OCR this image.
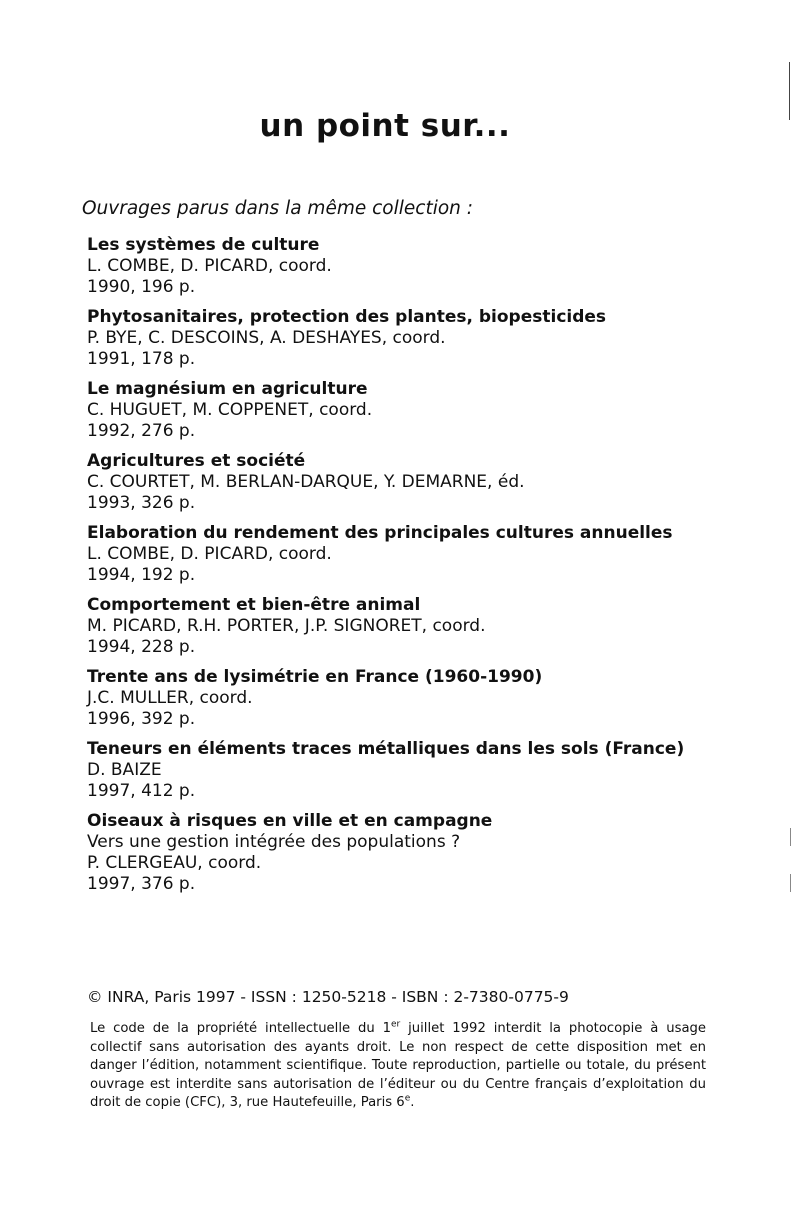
un point sur...

Ouvrages parus dans la même collection :

Les systèmes de culture
L. COMBE, D. PICARD, coord.
1990, 196 p.
Phytosanitaires, protection des plantes, biopesticides
P. BYE, C. DESCOINS, A. DESHAYES, coord.
1991, 178 p.
Le magnésium en agriculture
C. HUGUET, M. COPPENET, coord.
1992, 276 p.
Agricultures et société
C. COURTET, M. BERLAN-DARQUE, Y. DEMARNE, éd.
1993, 326 p.
Elaboration du rendement des principales cultures annuelles
L. COMBE, D. PICARD, coord.
1994, 192 p.
Comportement et bien-être animal
M. PICARD, R.H. PORTER, J.P. SIGNORET, coord.
1994, 228 p.
Trente ans de lysimétrie en France (1960-1990)
J.C. MULLER, coord.
1996, 392 p.
Teneurs en éléments traces métalliques dans les sols (France)
D. BAIZE
1997, 412 p.
Oiseaux à risques en ville et en campagne
Vers une gestion intégrée des populations ?
P. CLERGEAU, coord.
1997, 376 p.

© INRA, Paris 1997 - ISSN : 1250-5218 - ISBN : 2-7380-0775-9

Le code de la propriété intellectuelle du 1er juillet 1992 interdit la photocopie à usage collectif sans autorisation des ayants droit. Le non respect de cette disposition met en danger l’édition, notamment scientifique. Toute reproduction, partielle ou totale, du présent ouvrage est interdite sans autorisation de l’éditeur ou du Centre français d’exploitation du droit de copie (CFC), 3, rue Hautefeuille, Paris 6e.
